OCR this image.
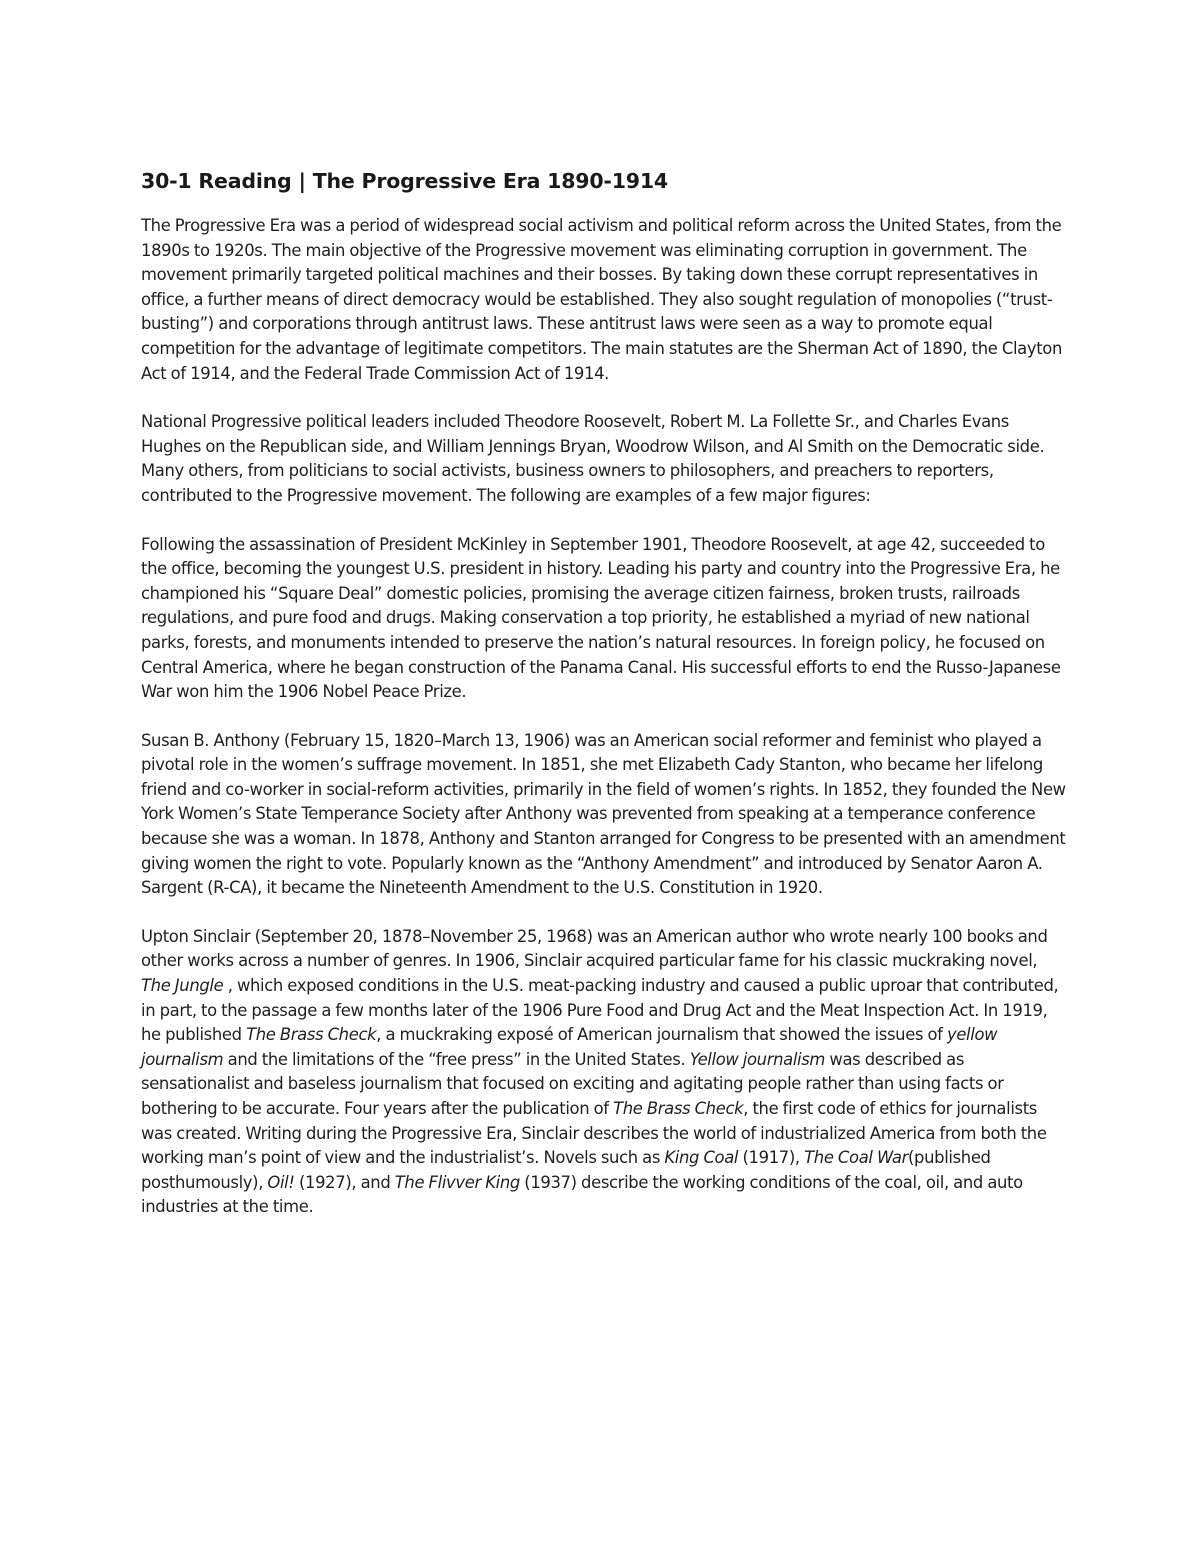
30-1 Reading | The Progressive Era 1890-1914

The Progressive Era was a period of widespread social activism and political reform across the United States, from the 1890s to 1920s. The main objective of the Progressive movement was eliminating corruption in government. The movement primarily targeted political machines and their bosses. By taking down these corrupt representatives in office, a further means of direct democracy would be established. They also sought regulation of monopolies (“trust-busting”) and corporations through antitrust laws. These antitrust laws were seen as a way to promote equal competition for the advantage of legitimate competitors. The main statutes are the Sherman Act of 1890, the Clayton Act of 1914, and the Federal Trade Commission Act of 1914.

National Progressive political leaders included Theodore Roosevelt, Robert M. La Follette Sr., and Charles Evans Hughes on the Republican side, and William Jennings Bryan, Woodrow Wilson, and Al Smith on the Democratic side. Many others, from politicians to social activists, business owners to philosophers, and preachers to reporters, contributed to the Progressive movement. The following are examples of a few major figures:

Following the assassination of President McKinley in September 1901, Theodore Roosevelt, at age 42, succeeded to the office, becoming the youngest U.S. president in history. Leading his party and country into the Progressive Era, he championed his “Square Deal” domestic policies, promising the average citizen fairness, broken trusts, railroads regulations, and pure food and drugs. Making conservation a top priority, he established a myriad of new national parks, forests, and monuments intended to preserve the nation’s natural resources. In foreign policy, he focused on Central America, where he began construction of the Panama Canal. His successful efforts to end the Russo-Japanese War won him the 1906 Nobel Peace Prize.

Susan B. Anthony (February 15, 1820–March 13, 1906) was an American social reformer and feminist who played a pivotal role in the women’s suffrage movement. In 1851, she met Elizabeth Cady Stanton, who became her lifelong friend and co-worker in social-reform activities, primarily in the field of women’s rights. In 1852, they founded the New York Women’s State Temperance Society after Anthony was prevented from speaking at a temperance conference because she was a woman. In 1878, Anthony and Stanton arranged for Congress to be presented with an amendment giving women the right to vote. Popularly known as the “Anthony Amendment” and introduced by Senator Aaron A. Sargent (R-CA), it became the Nineteenth Amendment to the U.S. Constitution in 1920.

Upton Sinclair (September 20, 1878–November 25, 1968) was an American author who wrote nearly 100 books and other works across a number of genres. In 1906, Sinclair acquired particular fame for his classic muckraking novel, The Jungle , which exposed conditions in the U.S. meat-packing industry and caused a public uproar that contributed, in part, to the passage a few months later of the 1906 Pure Food and Drug Act and the Meat Inspection Act. In 1919, he published The Brass Check, a muckraking exposé of American journalism that showed the issues of yellow journalism and the limitations of the “free press” in the United States. Yellow journalism was described as sensationalist and baseless journalism that focused on exciting and agitating people rather than using facts or bothering to be accurate. Four years after the publication of The Brass Check, the first code of ethics for journalists was created. Writing during the Progressive Era, Sinclair describes the world of industrialized America from both the working man’s point of view and the industrialist’s. Novels such as King Coal (1917), The Coal War(published posthumously), Oil! (1927), and The Flivver King (1937) describe the working conditions of the coal, oil, and auto industries at the time.
